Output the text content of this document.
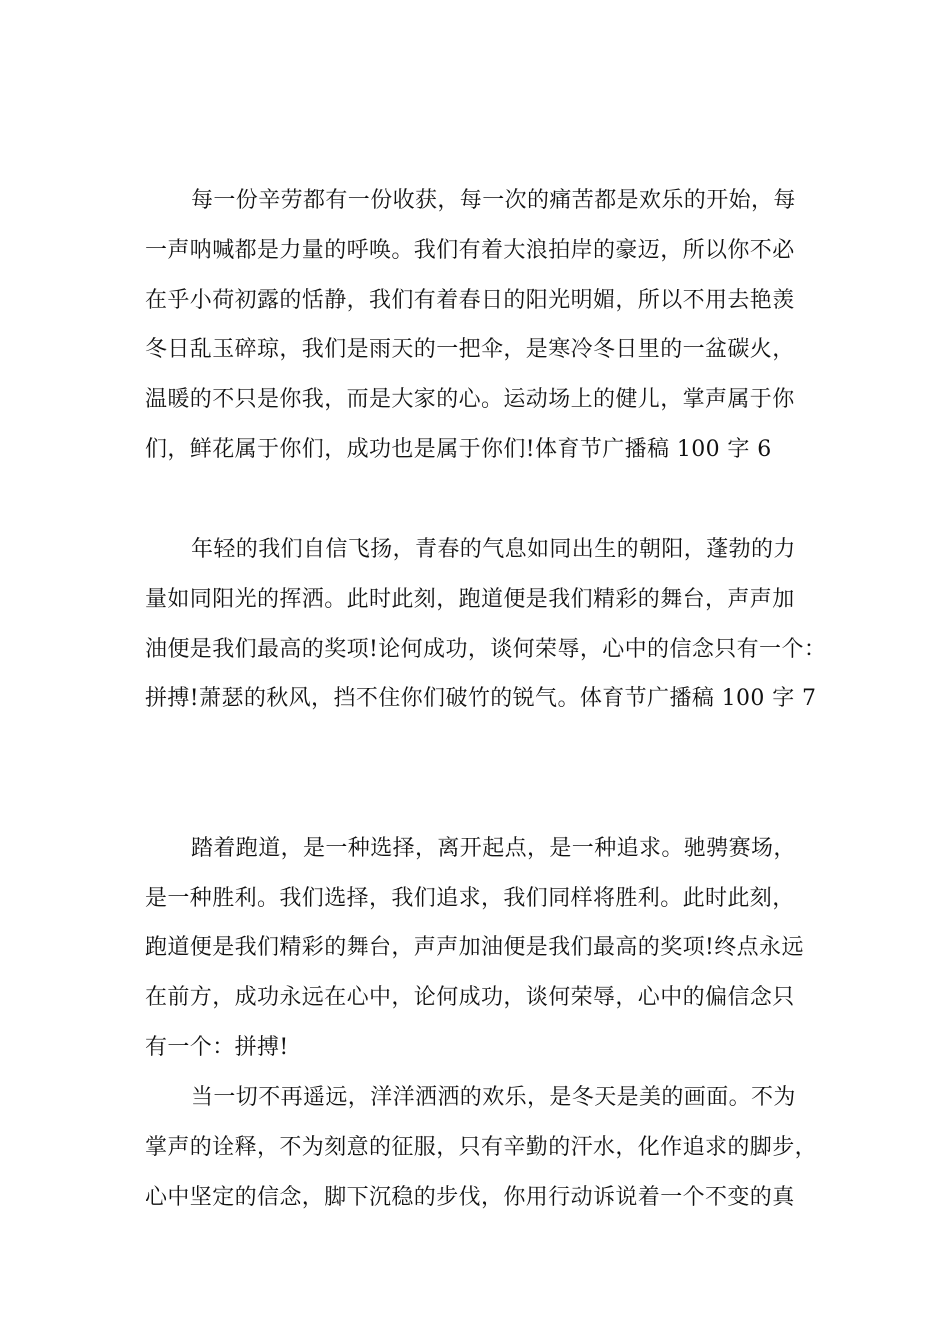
每一份辛劳都有一份收获，每一次的痛苦都是欢乐的开始，每
一声呐喊都是力量的呼唤。我们有着大浪拍岸的豪迈，所以你不必
在乎小荷初露的恬静，我们有着春日的阳光明媚，所以不用去艳羡
冬日乱玉碎琼，我们是雨天的一把伞，是寒冷冬日里的一盆碳火，
温暖的不只是你我，而是大家的心。运动场上的健儿，掌声属于你
们，鲜花属于你们，成功也是属于你们!体育节广播稿 100 字 6
年轻的我们自信飞扬，青春的气息如同出生的朝阳，蓬勃的力
量如同阳光的挥洒。此时此刻，跑道便是我们精彩的舞台，声声加
油便是我们最高的奖项!论何成功，谈何荣辱，心中的信念只有一个：
拼搏!萧瑟的秋风，挡不住你们破竹的锐气。体育节广播稿 100 字 7
踏着跑道，是一种选择，离开起点，是一种追求。驰骋赛场，
是一种胜利。我们选择，我们追求，我们同样将胜利。此时此刻，
跑道便是我们精彩的舞台，声声加油便是我们最高的奖项!终点永远
在前方，成功永远在心中，论何成功，谈何荣辱，心中的偏信念只
有一个：拼搏!
当一切不再遥远，洋洋洒洒的欢乐，是冬天是美的画面。不为
掌声的诠释，不为刻意的征服，只有辛勤的汗水，化作追求的脚步，
心中坚定的信念，脚下沉稳的步伐，你用行动诉说着一个不变的真
